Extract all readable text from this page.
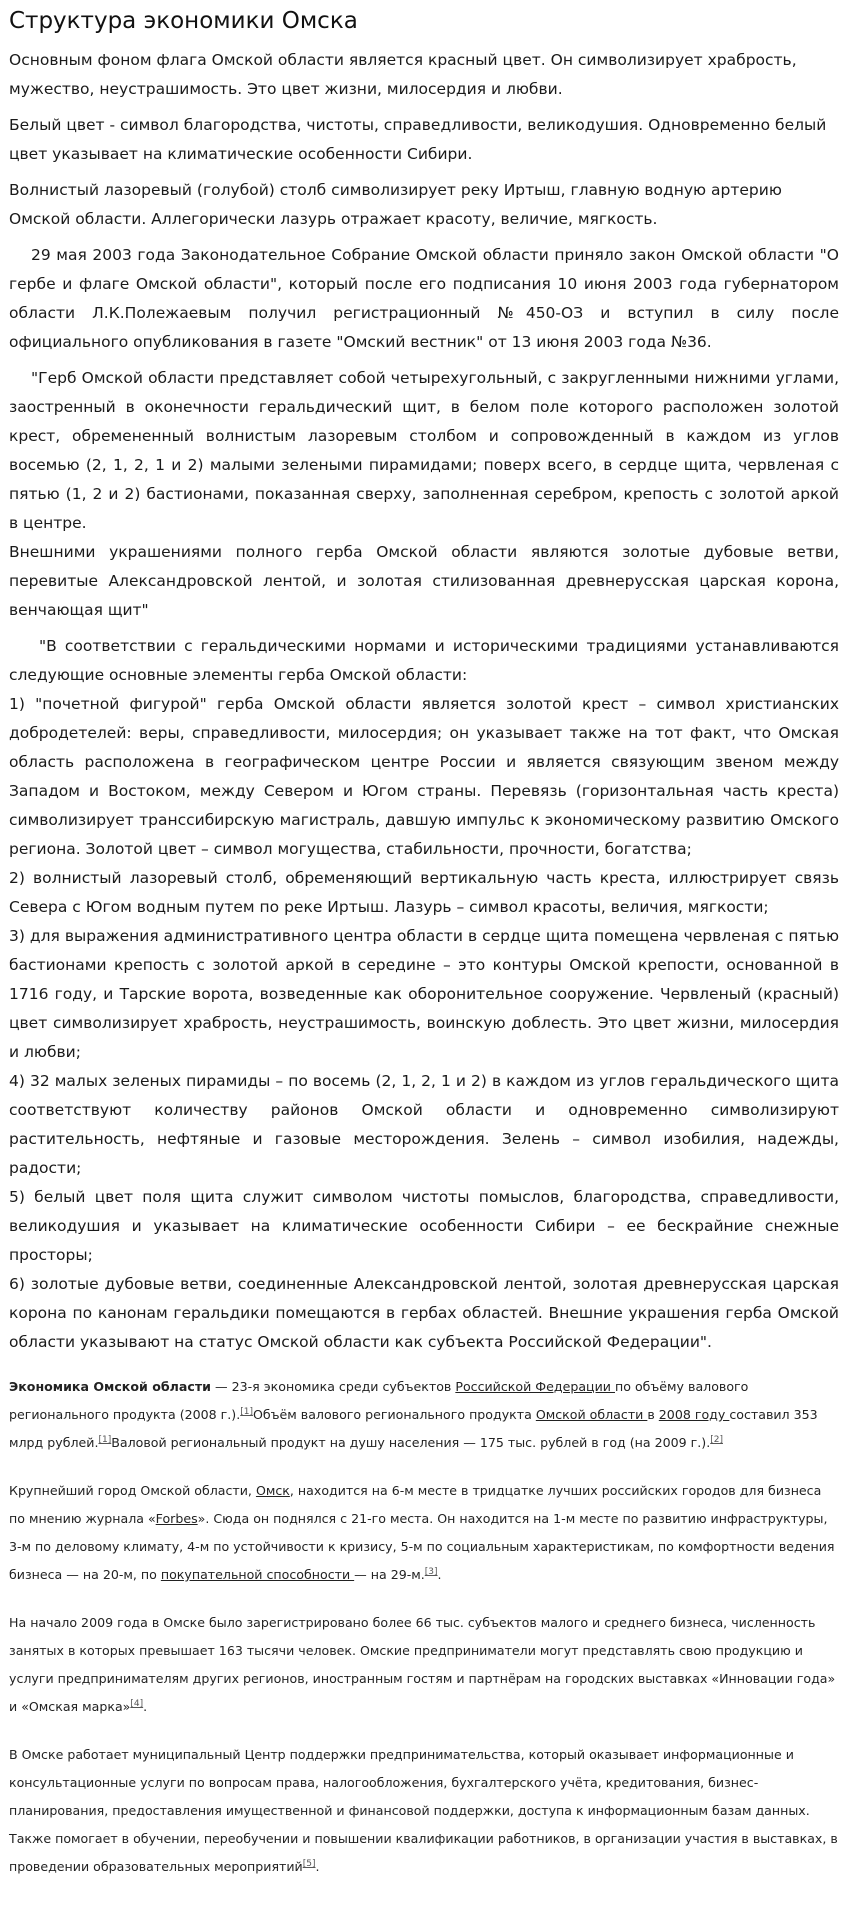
Структура экономики Омска

Основным фоном флага Омской области является красный цвет. Он символизирует храбрость, мужество, неустрашимость. Это цвет жизни, милосердия и любви.

Белый цвет - символ благородства, чистоты, справедливости, великодушия. Одновременно белый цвет указывает на климатические особенности Сибири.

Волнистый лазоревый (голубой) столб символизирует реку Иртыш, главную водную артерию Омской области. Аллегорически лазурь отражает красоту, величие, мягкость.

29 мая 2003 года Законодательное Собрание Омской области приняло закон Омской области "О гербе и флаге Омской области", который после его подписания 10 июня 2003 года губернатором области Л.К.Полежаевым получил регистрационный №450-ОЗ и вступил в силу после официального опубликования в газете "Омский вестник" от 13 июня 2003 года №36.

"Герб Омской области представляет собой четырехугольный, с закругленными нижними углами, заостренный в оконечности геральдический щит, в белом поле которого расположен золотой крест, обремененный волнистым лазоревым столбом и сопровожденный в каждом из углов восемью (2, 1, 2, 1 и 2) малыми зелеными пирамидами; поверх всего, в сердце щита, червленая с пятью (1, 2 и 2) бастионами, показанная сверху, заполненная серебром, крепость с золотой аркой в центре.

Внешними украшениями полного герба Омской области являются золотые дубовые ветви, перевитые Александровской лентой, и золотая стилизованная древнерусская царская корона, венчающая щит"

"В соответствии с геральдическими нормами и историческими традициями устанавливаются следующие основные элементы герба Омской области:
1) "почетной фигурой" герба Омской области является золотой крест – символ христианских добродетелей: веры, справедливости, милосердия; он указывает также на тот факт, что Омская область расположена в географическом центре России и является связующим звеном между Западом и Востоком, между Севером и Югом страны. Перевязь (горизонтальная часть креста) символизирует транссибирскую магистраль, давшую импульс к экономическому развитию Омского региона. Золотой цвет – символ могущества, стабильности, прочности, богатства;
2) волнистый лазоревый столб, обременяющий вертикальную часть креста, иллюстрирует связь Севера с Югом водным путем по реке Иртыш. Лазурь – символ красоты, величия, мягкости;
3) для выражения административного центра области в сердце щита помещена червленая с пятью бастионами крепость с золотой аркой в середине – это контуры Омской крепости, основанной в 1716 году, и Тарские ворота, возведенные как оборонительное сооружение. Червленый (красный) цвет символизирует храбрость, неустрашимость, воинскую доблесть. Это цвет жизни, милосердия и любви;
4) 32 малых зеленых пирамиды – по восемь (2, 1, 2, 1 и 2) в каждом из углов геральдического щита соответствуют количеству районов Омской области и одновременно символизируют растительность, нефтяные и газовые месторождения. Зелень – символ изобилия, надежды, радости;
5) белый цвет поля щита служит символом чистоты помыслов, благородства, справедливости, великодушия и указывает на климатические особенности Сибири – ее бескрайние снежные просторы;
6) золотые дубовые ветви, соединенные Александровской лентой, золотая древнерусская царская корона по канонам геральдики помещаются в гербах областей. Внешние украшения герба Омской области указывают на статус Омской области как субъекта Российской Федерации".

Экономика Омской области — 23-я экономика среди субъектов Российской Федерации по объёму валового регионального продукта (2008 г.).[1]Объём валового регионального продукта Омской области в 2008 году составил 353 млрд рублей.[1]Валовой региональный продукт на душу населения — 175 тыс. рублей в год (на 2009 г.).[2]

Крупнейший город Омской области, Омск, находится на 6-м месте в тридцатке лучших российских городов для бизнеса по мнению журнала «Forbes». Сюда он поднялся с 21-го места. Он находится на 1-м месте по развитию инфраструктуры, 3-м по деловому климату, 4-м по устойчивости к кризису, 5-м по социальным характеристикам, по комфортности ведения бизнеса — на 20-м, по покупательной способности — на 29-м.[3].

На начало 2009 года в Омске было зарегистрировано более 66 тыс. субъектов малого и среднего бизнеса, численность занятых в которых превышает 163 тысячи человек. Омские предприниматели могут представлять свою продукцию и услуги предпринимателям других регионов, иностранным гостям и партнёрам на городских выставках «Инновации года» и «Омская марка»[4].

В Омске работает муниципальный Центр поддержки предпринимательства, который оказывает информационные и консультационные услуги по вопросам права, налогообложения, бухгалтерского учёта, кредитования, бизнес-планирования, предоставления имущественной и финансовой поддержки, доступа к информационным базам данных. Также помогает в обучении, переобучении и повышении квалификации работников, в организации участия в выставках, в проведении образовательных мероприятий[5].
